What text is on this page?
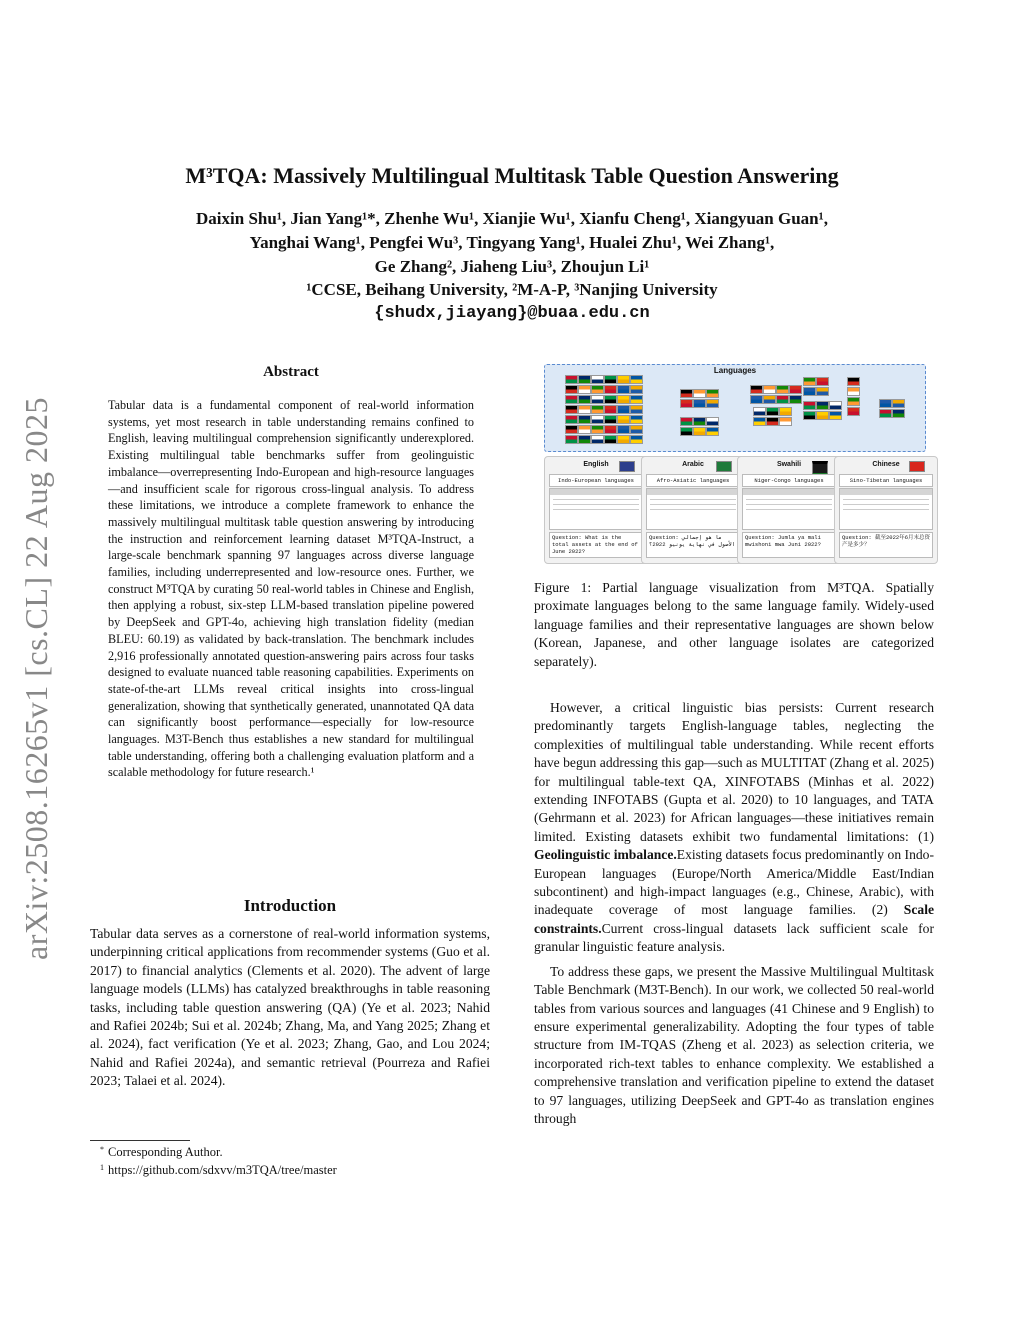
arXiv:2508.16265v1 [cs.CL] 22 Aug 2025
M³TQA: Massively Multilingual Multitask Table Question Answering
Daixin Shu¹, Jian Yang¹*, Zhenhe Wu¹, Xianjie Wu¹, Xianfu Cheng¹, Xiangyuan Guan¹,
Yanghai Wang¹, Pengfei Wu³, Tingyang Yang¹, Hualei Zhu¹, Wei Zhang¹,
Ge Zhang², Jiaheng Liu³, Zhoujun Li¹
¹CCSE, Beihang University, ²M-A-P, ³Nanjing University
{shudx,jiayang}@buaa.edu.cn
Abstract
Tabular data is a fundamental component of real-world information systems, yet most research in table understanding remains confined to English, leaving multilingual comprehension significantly underexplored. Existing multilingual table benchmarks suffer from geolinguistic imbalance—overrepresenting Indo-European and high-resource languages—and insufficient scale for rigorous cross-lingual analysis. To address these limitations, we introduce a complete framework to enhance the massively multilingual multitask table question answering by introducing the instruction and reinforcement learning dataset M³TQA-Instruct, a large-scale benchmark spanning 97 languages across diverse language families, including underrepresented and low-resource ones. Further, we construct M³TQA by curating 50 real-world tables in Chinese and English, then applying a robust, six-step LLM-based translation pipeline powered by DeepSeek and GPT-4o, achieving high translation fidelity (median BLEU: 60.19) as validated by back-translation. The benchmark includes 2,916 professionally annotated question-answering pairs across four tasks designed to evaluate nuanced table reasoning capabilities. Experiments on state-of-the-art LLMs reveal critical insights into cross-lingual generalization, showing that synthetically generated, unannotated QA data can significantly boost performance—especially for low-resource languages. M3T-Bench thus establishes a new standard for multilingual table understanding, offering both a challenging evaluation platform and a scalable methodology for future research.¹
Introduction
Tabular data serves as a cornerstone of real-world information systems, underpinning critical applications from recommender systems (Guo et al. 2017) to financial analytics (Clements et al. 2020). The advent of large language models (LLMs) has catalyzed breakthroughs in table reasoning tasks, including table question answering (QA) (Ye et al. 2023; Nahid and Rafiei 2024b; Sui et al. 2024b; Zhang, Ma, and Yang 2025; Zhang et al. 2024), fact verification (Ye et al. 2023; Zhang, Gao, and Lou 2024; Nahid and Rafiei 2024a), and semantic retrieval (Pourreza and Rafiei 2023; Talaei et al. 2024).
* Corresponding Author.
1 https://github.com/sdxvv/m3TQA/tree/master
Languages
English
Indo-European languages
Question: What is the total assets at the end of June 2022?
Arabic
Afro-Asiatic languages
Question: ما هو إجمالي الأصول في نهاية يونيو 2022؟
Swahili
Niger-Congo languages
Question: Jumla ya mali mwishoni mwa Juni 2022?
Chinese
Sino-Tibetan languages
Question: 截至2022年6月末总资产是多少？
Figure 1: Partial language visualization from M³TQA. Spatially proximate languages belong to the same language family. Widely-used language families and their representative languages are shown below (Korean, Japanese, and other language isolates are categorized separately).

However, a critical linguistic bias persists: Current research predominantly targets English-language tables, neglecting the complexities of multilingual table understanding. While recent efforts have begun addressing this gap—such as MULTITAT (Zhang et al. 2025) for multilingual table-text QA, XINFOTABS (Minhas et al. 2022) extending INFOTABS (Gupta et al. 2020) to 10 languages, and TATA (Gehrmann et al. 2023) for African languages—these initiatives remain limited. Existing datasets exhibit two fundamental limitations: (1) Geolinguistic imbalance.Existing datasets focus predominantly on Indo-European languages (Europe/North America/Middle East/Indian subcontinent) and high-impact languages (e.g., Chinese, Arabic), with inadequate coverage of most language families. (2) Scale constraints.Current cross-lingual datasets lack sufficient scale for granular linguistic feature analysis.

To address these gaps, we present the Massive Multilingual Multitask Table Benchmark (M3T-Bench). In our work, we collected 50 real-world tables from various sources and languages (41 Chinese and 9 English) to ensure experimental generalizability. Adopting the four types of table structure from IM-TQAS (Zheng et al. 2023) as selection criteria, we incorporated rich-text tables to enhance complexity. We established a comprehensive translation and verification pipeline to extend the dataset to 97 languages, utilizing DeepSeek and GPT-4o as translation engines through
